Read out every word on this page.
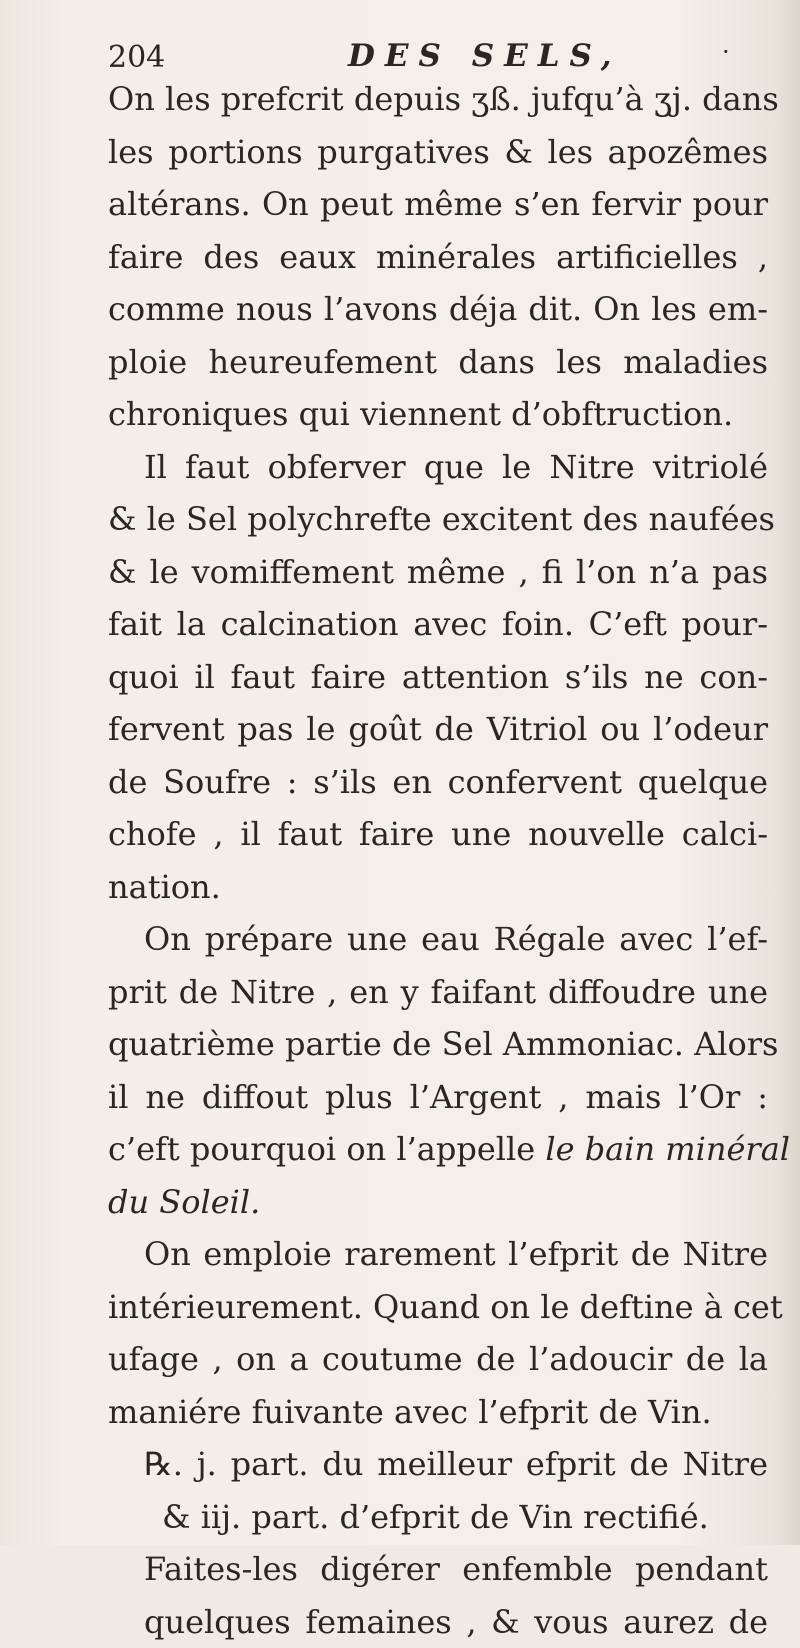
204	DES SELS,	·
On les prefcrit depuis ʒß. jufqu’à ʒj. dans
les portions purgatives & les apozêmes
altérans. On peut même s’en fervir pour
faire des eaux minérales artificielles ,
comme nous l’avons déja dit. On les em-
ploie heureufement dans les maladies
chroniques qui viennent d’obftruction.
Il faut obferver que le Nitre vitriolé
& le Sel polychrefte excitent des naufées
& le vomiffement même , fi l’on n’a pas
fait la calcination avec foin. C’eft pour-
quoi il faut faire attention s’ils ne con-
fervent pas le goût de Vitriol ou l’odeur
de Soufre : s’ils en confervent quelque
chofe , il faut faire une nouvelle calci-
nation.
On prépare une eau Régale avec l’ef-
prit de Nitre , en y faifant diffoudre une
quatrième partie de Sel Ammoniac. Alors
il ne diffout plus l’Argent , mais l’Or :
c’eft pourquoi on l’appelle le bain minéral
du Soleil.
On emploie rarement l’efprit de Nitre
intérieurement. Quand on le deftine à cet
ufage , on a coutume de l’adoucir de la
maniére fuivante avec l’efprit de Vin.
℞. j. part. du meilleur efprit de Nitre
& iij. part. d’efprit de Vin rectifié.
Faites-les digérer enfemble pendant
quelques femaines , & vous aurez de
